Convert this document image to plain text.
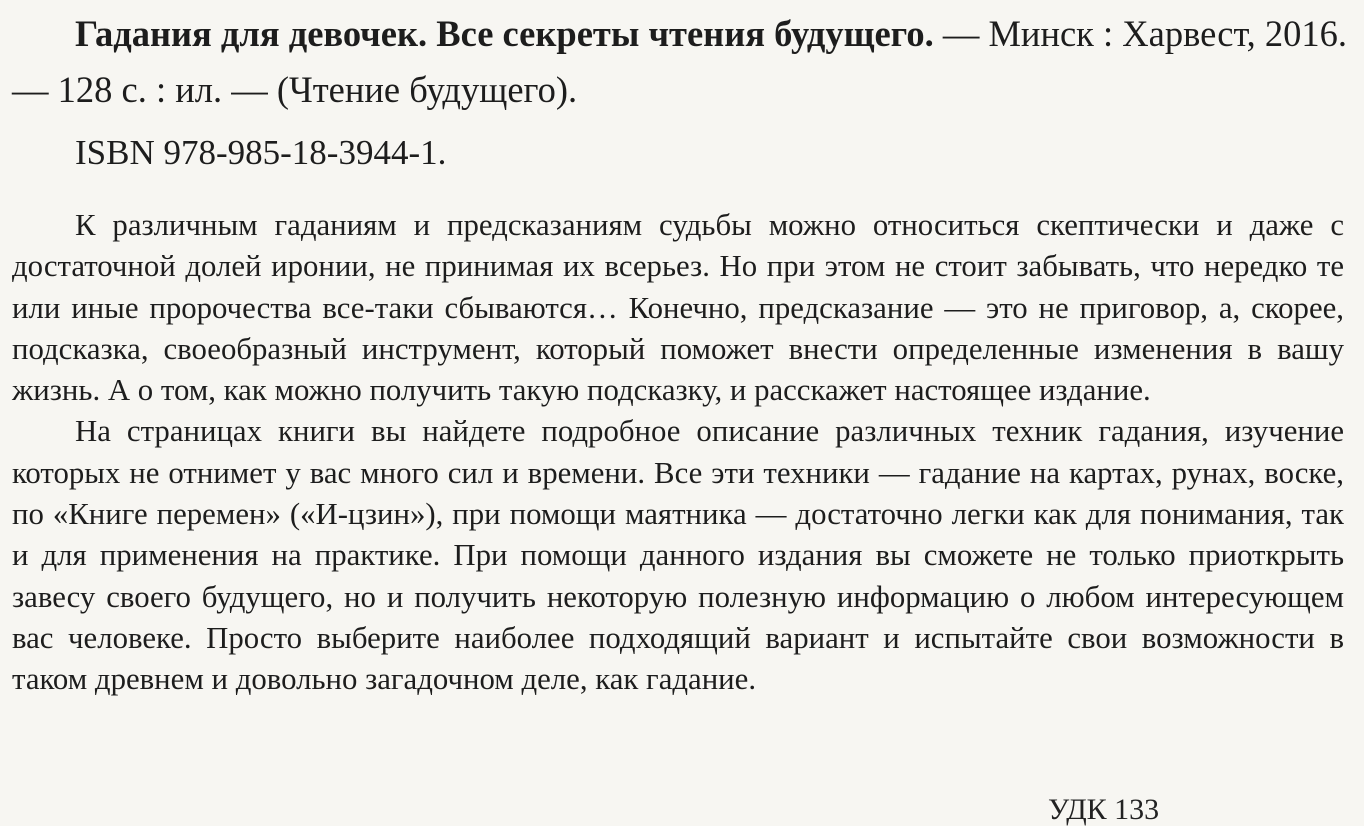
Гадания для девочек. Все секреты чтения будущего. — Минск : Харвест, 2016. — 128 с. : ил. — (Чтение будущего).
ISBN 978-985-18-3944-1.

К различным гаданиям и предсказаниям судьбы можно относиться скептически и даже с достаточной долей иронии, не принимая их всерьез. Но при этом не стоит забывать, что нередко те или иные пророчества все-таки сбываются… Конечно, предсказание — это не приговор, а, скорее, подсказка, своеобразный инструмент, который поможет внести определенные изменения в вашу жизнь. А о том, как можно получить такую подсказку, и расскажет настоящее издание.

На страницах книги вы найдете подробное описание различных техник гадания, изучение которых не отнимет у вас много сил и времени. Все эти техники — гадание на картах, рунах, воске, по «Книге перемен» («И-цзин»), при помощи маятника — достаточно легки как для понимания, так и для применения на практике. При помощи данного издания вы сможете не только приоткрыть завесу своего будущего, но и получить некоторую полезную информацию о любом интересующем вас человеке. Просто выберите наиболее подходящий вариант и испытайте свои возможности в таком древнем и довольно загадочном деле, как гадание.

УДК 133
